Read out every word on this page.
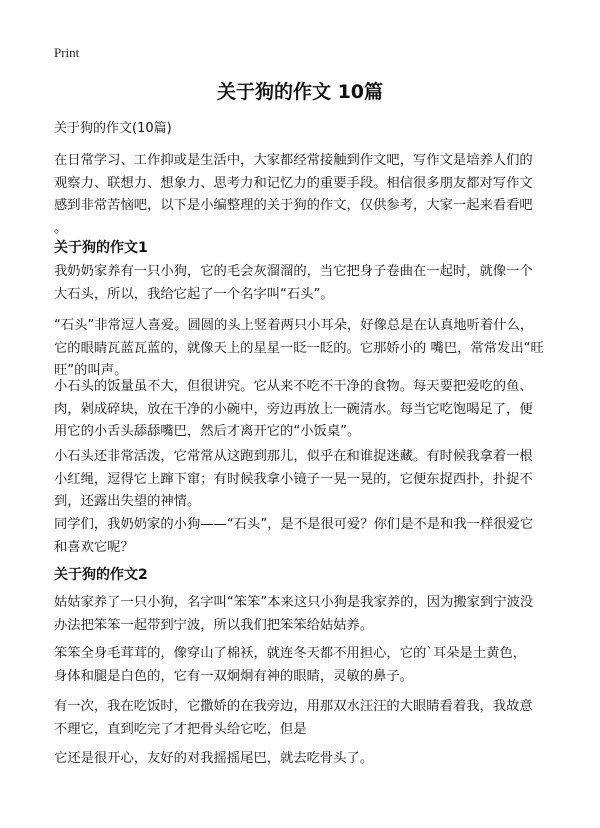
Print
关于狗的作文 10篇
关于狗的作文(10篇)
在日常学习、工作抑或是生活中，大家都经常接触到作文吧，写作文是培养人们的
观察力、联想力、想象力、思考力和记忆力的重要手段。相信很多朋友都对写作文
感到非常苦恼吧，以下是小编整理的关于狗的作文，仅供参考，大家一起来看看吧
。
关于狗的作文1
我奶奶家养有一只小狗，它的毛会灰溜溜的，当它把身子卷曲在一起时，就像一个
大石头，所以，我给它起了一个名字叫“石头”。
“石头”非常逗人喜爱。圆圆的头上竖着两只小耳朵，好像总是在认真地听着什么，
它的眼睛瓦蓝瓦蓝的，就像天上的星星一眨一眨的。它那娇小的 嘴巴，常常发出“旺
旺”的叫声。
小石头的饭量虽不大，但很讲究。它从来不吃不干净的食物。每天要把爱吃的鱼、
肉，剁成碎块，放在干净的小碗中，旁边再放上一碗清水。每当它吃饱喝足了，便
用它的小舌头舔舔嘴巴，然后才离开它的“小饭桌”。
小石头还非常活泼，它常常从这跑到那儿，似乎在和谁捉迷藏。有时候我拿着一根
小红绳，逗得它上蹿下窜；有时候我拿小镜子一晃一晃的，它便东捉西扑，扑捉不
到，还露出失望的神情。
同学们，我奶奶家的小狗——“石头”，是不是很可爱？你们是不是和我一样很爱它
和喜欢它呢？
关于狗的作文2
姑姑家养了一只小狗，名字叫“笨笨”本来这只小狗是我家养的，因为搬家到宁波没
办法把笨笨一起带到宁波，所以我们把笨笨给姑姑养。
笨笨全身毛茸茸的，像穿山了棉袄，就连冬天都不用担心，它的`耳朵是土黄色，
身体和腿是白色的，它有一双炯炯有神的眼睛，灵敏的鼻子。
有一次，我在吃饭时，它撒娇的在我旁边，用那双水汪汪的大眼睛看着我，我故意
不理它，直到吃完了才把骨头给它吃，但是
它还是很开心，友好的对我摇摇尾巴，就去吃骨头了。
